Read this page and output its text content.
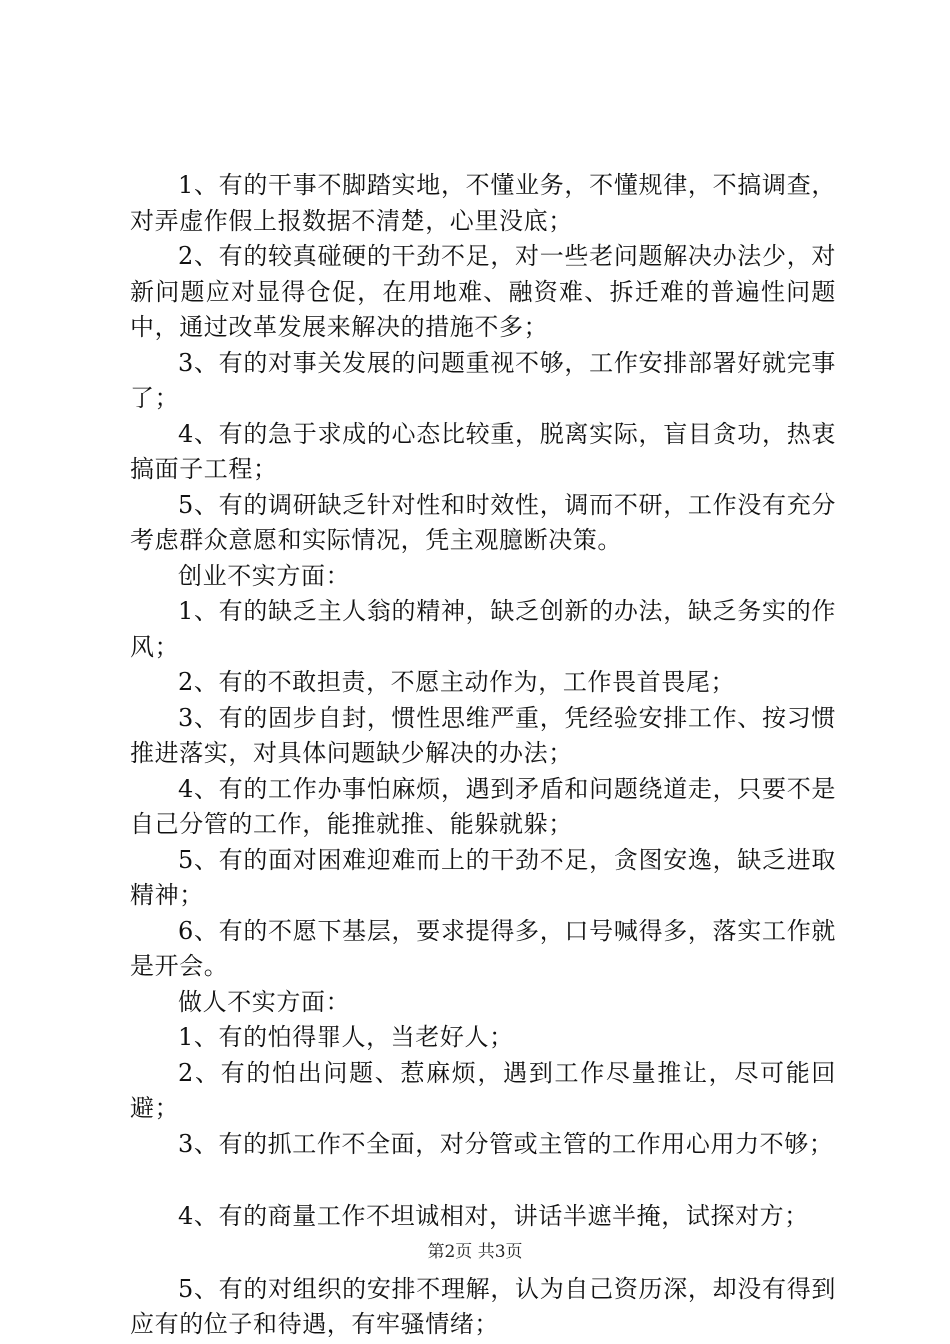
1、有的干事不脚踏实地，不懂业务，不懂规律，不搞调查，对弄虚作假上报数据不清楚，心里没底；

2、有的较真碰硬的干劲不足，对一些老问题解决办法少，对新问题应对显得仓促，在用地难、融资难、拆迁难的普遍性问题中，通过改革发展来解决的措施不多；

3、有的对事关发展的问题重视不够，工作安排部署好就完事了；

4、有的急于求成的心态比较重，脱离实际，盲目贪功，热衷搞面子工程；

5、有的调研缺乏针对性和时效性，调而不研，工作没有充分考虑群众意愿和实际情况，凭主观臆断决策。

创业不实方面：

1、有的缺乏主人翁的精神，缺乏创新的办法，缺乏务实的作风；

2、有的不敢担责，不愿主动作为，工作畏首畏尾；

3、有的固步自封，惯性思维严重，凭经验安排工作、按习惯推进落实，对具体问题缺少解决的办法；

4、有的工作办事怕麻烦，遇到矛盾和问题绕道走，只要不是自己分管的工作，能推就推、能躲就躲；

5、有的面对困难迎难而上的干劲不足，贪图安逸，缺乏进取精神；

6、有的不愿下基层，要求提得多，口号喊得多，落实工作就是开会。

做人不实方面：

1、有的怕得罪人，当老好人；

2、有的怕出问题、惹麻烦，遇到工作尽量推让，尽可能回避；

3、有的抓工作不全面，对分管或主管的工作用心用力不够；

4、有的商量工作不坦诚相对，讲话半遮半掩，试探对方；

5、有的对组织的安排不理解，认为自己资历深，却没有得到应有的位子和待遇，有牢骚情绪；

第2页 共3页
